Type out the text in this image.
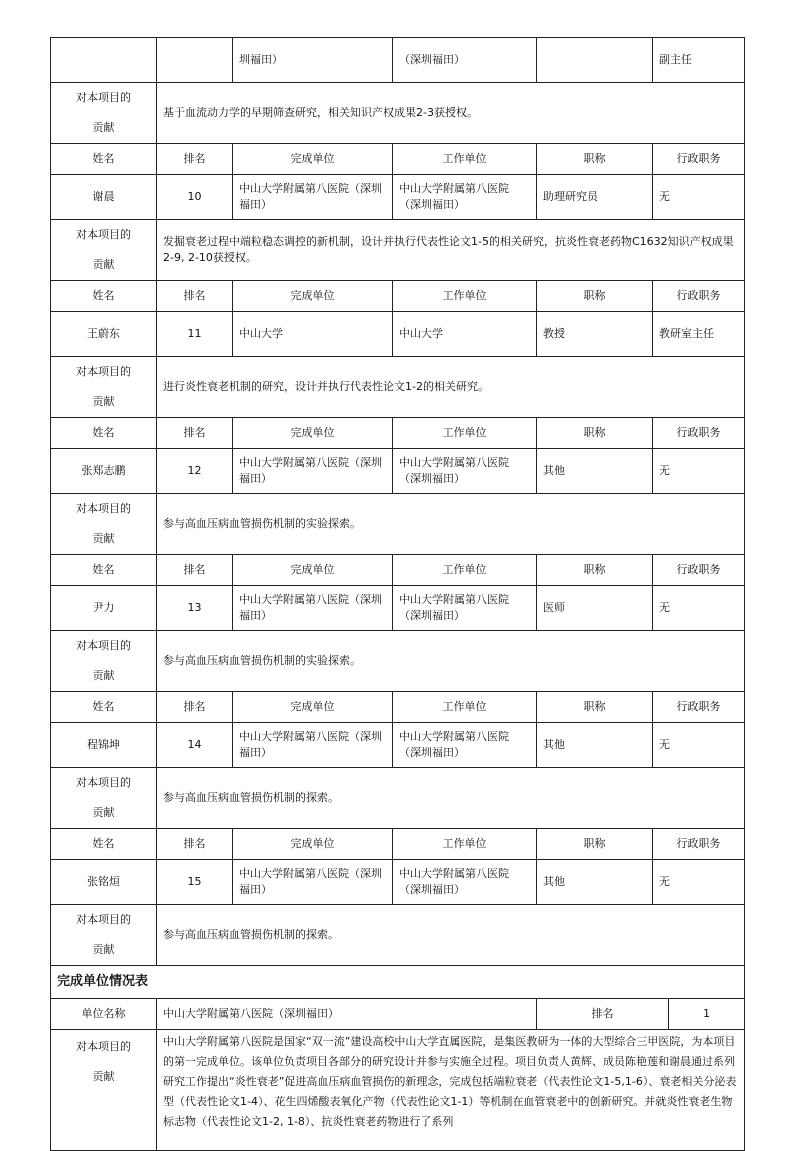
		圳福田）	（深圳福田）		副主任

对本项目的
贡献	基于血流动力学的早期筛查研究，相关知识产权成果2-3获授权。				
姓名	排名	完成单位	工作单位	职称	行政职务
谢晨	10	中山大学附属第八医院（深圳福田）	中山大学附属第八医院（深圳福田）	助理研究员	无

对本项目的
贡献	发掘衰老过程中端粒稳态调控的新机制，设计并执行代表性论文1-5的相关研究，抗炎性衰老药物C1632知识产权成果2-9, 2-10获授权。				
姓名	排名	完成单位	工作单位	职称	行政职务
王蔚东	11	中山大学	中山大学	教授	教研室主任

对本项目的
贡献	进行炎性衰老机制的研究，设计并执行代表性论文1-2的相关研究。				
姓名	排名	完成单位	工作单位	职称	行政职务
张郑志鹏	12	中山大学附属第八医院（深圳福田）	中山大学附属第八医院（深圳福田）	其他	无

对本项目的
贡献	参与高血压病血管损伤机制的实验探索。				
姓名	排名	完成单位	工作单位	职称	行政职务
尹力	13	中山大学附属第八医院（深圳福田）	中山大学附属第八医院（深圳福田）	医师	无

对本项目的
贡献	参与高血压病血管损伤机制的实验探索。				
姓名	排名	完成单位	工作单位	职称	行政职务
程锦坤	14	中山大学附属第八医院（深圳福田）	中山大学附属第八医院（深圳福田）	其他	无

对本项目的
贡献	参与高血压病血管损伤机制的探索。				
姓名	排名	完成单位	工作单位	职称	行政职务
张铭烜	15	中山大学附属第八医院（深圳福田）	中山大学附属第八医院（深圳福田）	其他	无

对本项目的
贡献	参与高血压病血管损伤机制的探索。				
完成单位情况表			
单位名称	中山大学附属第八医院（深圳福田）	排名	1

对本项目的
贡献	中山大学附属第八医院是国家“双一流”建设高校中山大学直属医院，是集医教研为一体的大型综合三甲医院，为本项目的第一完成单位。该单位负责项目各部分的研究设计并参与实施全过程。项目负责人黄辉、成员陈艳莲和谢晨通过系列研究工作提出“炎性衰老”促进高血压病血管损伤的新理念，完成包括端粒衰老（代表性论文1-5,1-6）、衰老相关分泌表型（代表性论文1-4）、花生四烯酸表氧化产物（代表性论文1-1）等机制在血管衰老中的创新研究。并就炎性衰老生物标志物（代表性论文1-2, 1-8）、抗炎性衰老药物进行了系列		
